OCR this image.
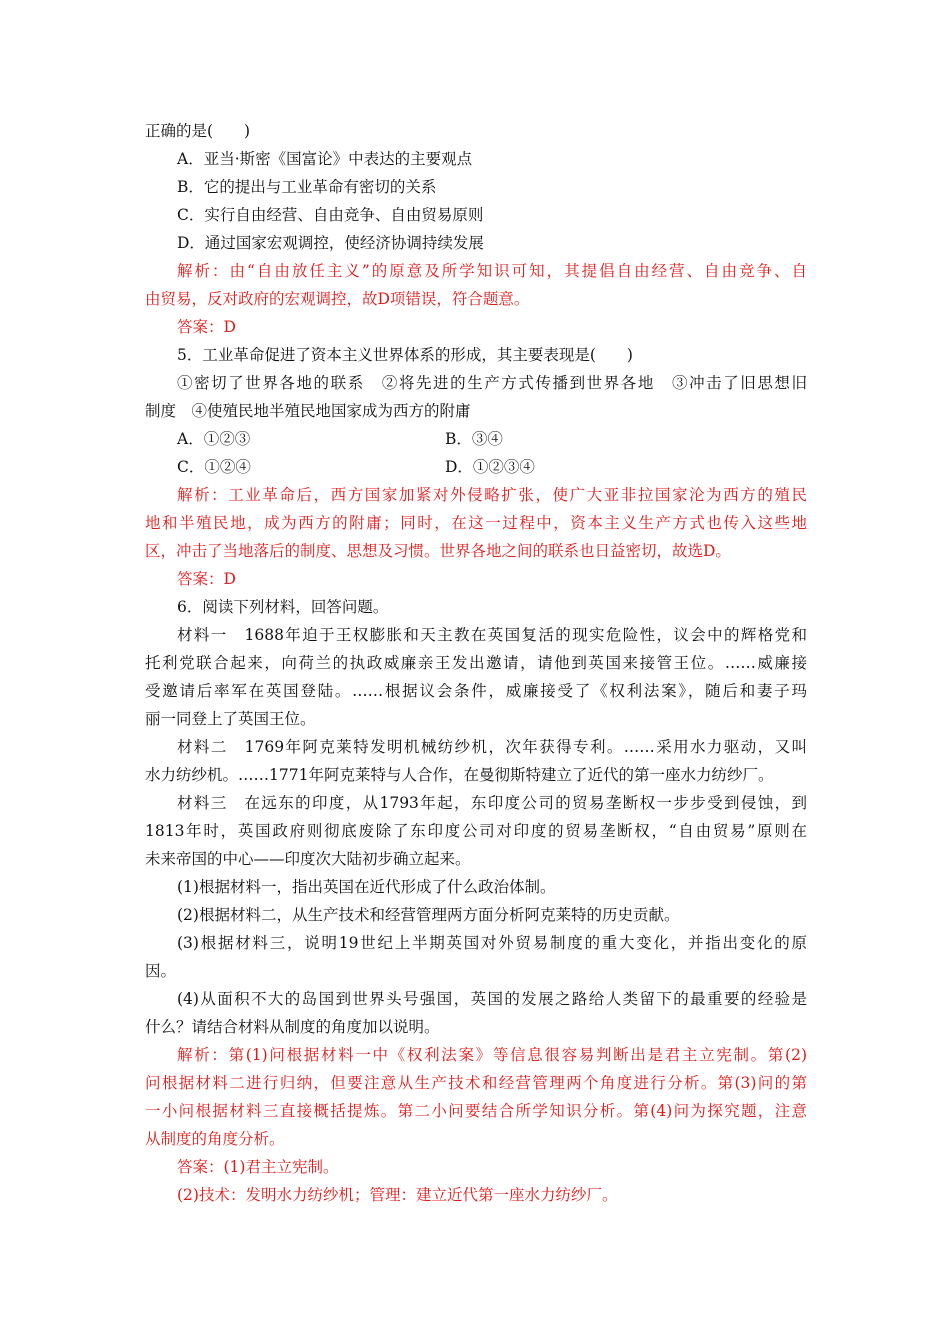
正确的是(　　)
A．亚当·斯密《国富论》中表达的主要观点
B．它的提出与工业革命有密切的关系
C．实行自由经营、自由竞争、自由贸易原则
D．通过国家宏观调控，使经济协调持续发展
解析：由“自由放任主义”的原意及所学知识可知，其提倡自由经营、自由竞争、自
由贸易，反对政府的宏观调控，故D项错误，符合题意。
答案：D
5．工业革命促进了资本主义世界体系的形成，其主要表现是(　　)
①密切了世界各地的联系　②将先进的生产方式传播到世界各地　③冲击了旧思想旧
制度　④使殖民地半殖民地国家成为西方的附庸
A．①②③	B．③④
C．①②④	D．①②③④
解析：工业革命后，西方国家加紧对外侵略扩张，使广大亚非拉国家沦为西方的殖民
地和半殖民地，成为西方的附庸；同时，在这一过程中，资本主义生产方式也传入这些地
区，冲击了当地落后的制度、思想及习惯。世界各地之间的联系也日益密切，故选D。
答案：D
6．阅读下列材料，回答问题。
材料一　1688年迫于王权膨胀和天主教在英国复活的现实危险性，议会中的辉格党和
托利党联合起来，向荷兰的执政威廉亲王发出邀请，请他到英国来接管王位。……威廉接
受邀请后率军在英国登陆。……根据议会条件，威廉接受了《权利法案》，随后和妻子玛
丽一同登上了英国王位。
材料二　1769年阿克莱特发明机械纺纱机，次年获得专利。……采用水力驱动，又叫
水力纺纱机。……1771年阿克莱特与人合作，在曼彻斯特建立了近代的第一座水力纺纱厂。
材料三　在远东的印度，从1793年起，东印度公司的贸易垄断权一步步受到侵蚀，到
1813年时，英国政府则彻底废除了东印度公司对印度的贸易垄断权，“自由贸易”原则在
未来帝国的中心——印度次大陆初步确立起来。
(1)根据材料一，指出英国在近代形成了什么政治体制。
(2)根据材料二，从生产技术和经营管理两方面分析阿克莱特的历史贡献。
(3)根据材料三，说明19世纪上半期英国对外贸易制度的重大变化，并指出变化的原
因。
(4)从面积不大的岛国到世界头号强国，英国的发展之路给人类留下的最重要的经验是
什么？请结合材料从制度的角度加以说明。
解析：第(1)问根据材料一中《权利法案》等信息很容易判断出是君主立宪制。第(2)
问根据材料二进行归纳，但要注意从生产技术和经营管理两个角度进行分析。第(3)问的第
一小问根据材料三直接概括提炼。第二小问要结合所学知识分析。第(4)问为探究题，注意
从制度的角度分析。
答案：(1)君主立宪制。
(2)技术：发明水力纺纱机；管理：建立近代第一座水力纺纱厂。
